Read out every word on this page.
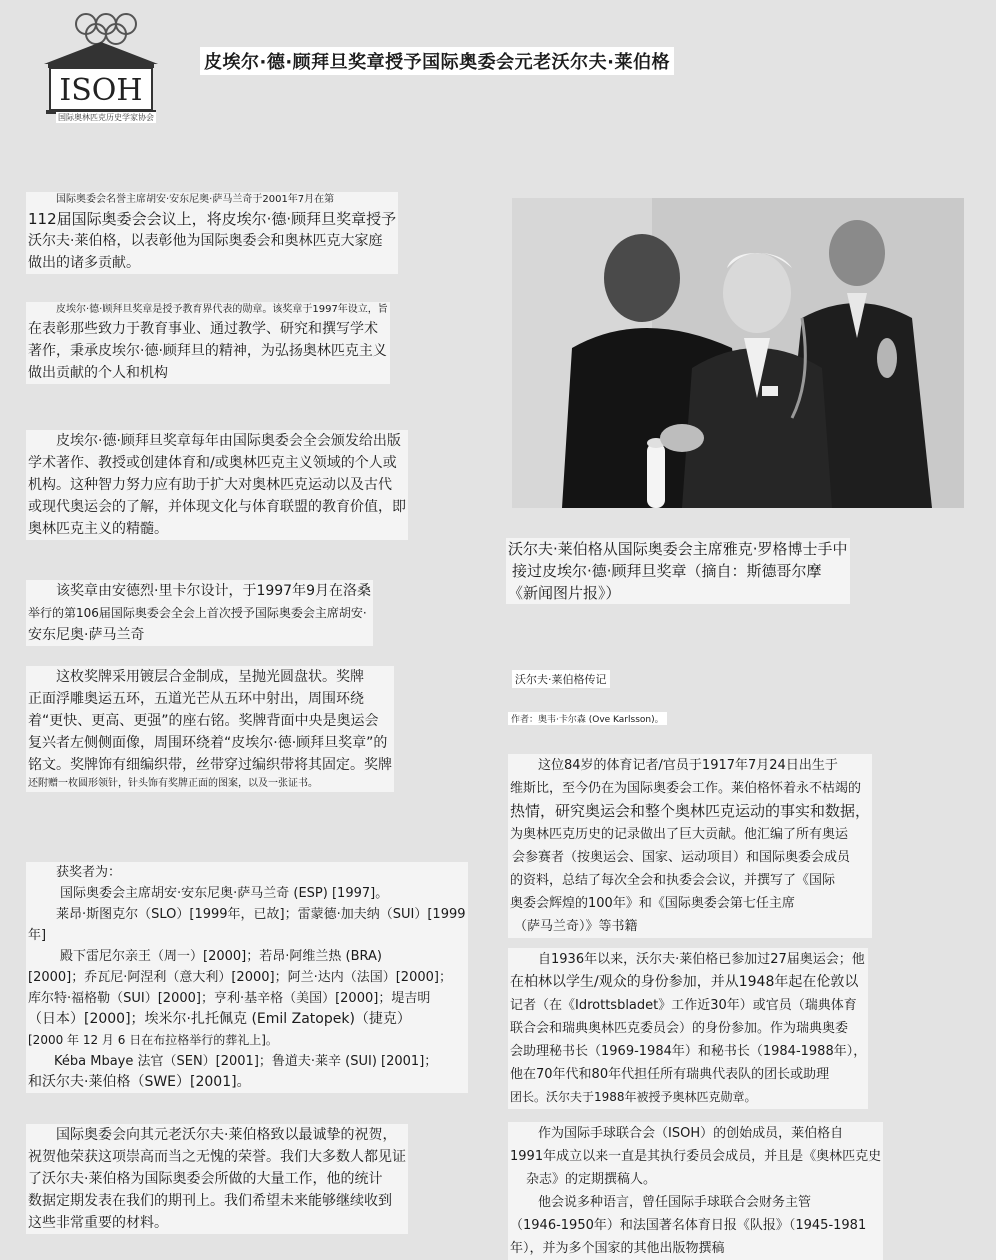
ISOH
国际奥林匹克历史学家协会
皮埃尔·德·顾拜旦奖章授予国际奥委会元老沃尔夫·莱伯格
国际奥委会名誉主席胡安·安东尼奥·萨马兰奇于2001年7月在第
112届国际奥委会会议上，将皮埃尔·德·顾拜旦奖章授予
沃尔夫·莱伯格，以表彰他为国际奥委会和奥林匹克大家庭
做出的诸多贡献。
皮埃尔·德·顾拜旦奖章是授予教育界代表的勋章。该奖章于1997年设立，旨
在表彰那些致力于教育事业、通过教学、研究和撰写学术
著作，秉承皮埃尔·德·顾拜旦的精神，为弘扬奥林匹克主义
做出贡献的个人和机构
皮埃尔·德·顾拜旦奖章每年由国际奥委会全会颁发给出版
学术著作、教授或创建体育和/或奥林匹克主义领域的个人或
机构。这种智力努力应有助于扩大对奥林匹克运动以及古代
或现代奥运会的了解，并体现文化与体育联盟的教育价值，即
奥林匹克主义的精髓。
该奖章由安德烈·里卡尔设计，于1997年9月在洛桑
举行的第106届国际奥委会全会上首次授予国际奥委会主席胡安·
安东尼奥·萨马兰奇
这枚奖牌采用镀层合金制成，呈抛光圆盘状。奖牌
正面浮雕奥运五环，五道光芒从五环中射出，周围环绕
着“更快、更高、更强”的座右铭。奖牌背面中央是奥运会
复兴者左侧侧面像，周围环绕着“皮埃尔·德·顾拜旦奖章”的
铭文。奖牌饰有细编织带，丝带穿过编织带将其固定。奖牌
还附赠一枚圆形领针，针头饰有奖牌正面的图案，以及一张证书。
获奖者为：
国际奥委会主席胡安·安东尼奥·萨马兰奇 (ESP) [1997]。
莱昂·斯图克尔（SLO）[1999年，已故]；雷蒙德·加夫纳（SUI）[1999
年]
殿下雷尼尔亲王（周一）[2000]；若昂·阿维兰热 (BRA)
[2000]；乔瓦尼·阿涅利（意大利）[2000]；阿兰·达内（法国）[2000]；
库尔特·福格勒（SUI）[2000]；亨利·基辛格（美国）[2000]；堤吉明
（日本）[2000]；埃米尔·扎托佩克 (Emil Zatopek)（捷克）
[2000 年 12 月 6 日在布拉格举行的葬礼上]。
Kéba Mbaye 法官（SEN）[2001]；鲁道夫·莱辛 (SUI) [2001]；
和沃尔夫·莱伯格（SWE）[2001]。
国际奥委会向其元老沃尔夫·莱伯格致以最诚挚的祝贺，
祝贺他荣获这项崇高而当之无愧的荣誉。我们大多数人都见证
了沃尔夫·莱伯格为国际奥委会所做的大量工作，他的统计
数据定期发表在我们的期刊上。我们希望未来能够继续收到
这些非常重要的材料。
沃尔夫·莱伯格从国际奥委会主席雅克·罗格博士手中
接过皮埃尔·德·顾拜旦奖章（摘自：斯德哥尔摩
《新闻图片报》）
沃尔夫·莱伯格传记
作者：奥韦·卡尔森 (Ove Karlsson)。
这位84岁的体育记者/官员于1917年7月24日出生于
维斯比，至今仍在为国际奥委会工作。莱伯格怀着永不枯竭的
热情，研究奥运会和整个奥林匹克运动的事实和数据，
为奥林匹克历史的记录做出了巨大贡献。他汇编了所有奥运
会参赛者（按奥运会、国家、运动项目）和国际奥委会成员
的资料，总结了每次全会和执委会会议，并撰写了《国际
奥委会辉煌的100年》和《国际奥委会第七任主席
（萨马兰奇）》等书籍
自1936年以来，沃尔夫·莱伯格已参加过27届奥运会；他
在柏林以学生/观众的身份参加，并从1948年起在伦敦以
记者（在《Idrottsbladet》工作近30年）或官员（瑞典体育
联合会和瑞典奥林匹克委员会）的身份参加。作为瑞典奥委
会助理秘书长（1969-1984年）和秘书长（1984-1988年），
他在70年代和80年代担任所有瑞典代表队的团长或助理
团长。沃尔夫于1988年被授予奥林匹克勋章。
作为国际手球联合会（ISOH）的创始成员，莱伯格自
1991年成立以来一直是其执行委员会成员，并且是《奥林匹克史
杂志》的定期撰稿人。
他会说多种语言，曾任国际手球联合会财务主管
（1946-1950年）和法国著名体育日报《队报》（1945-1981
年），并为多个国家的其他出版物撰稿
